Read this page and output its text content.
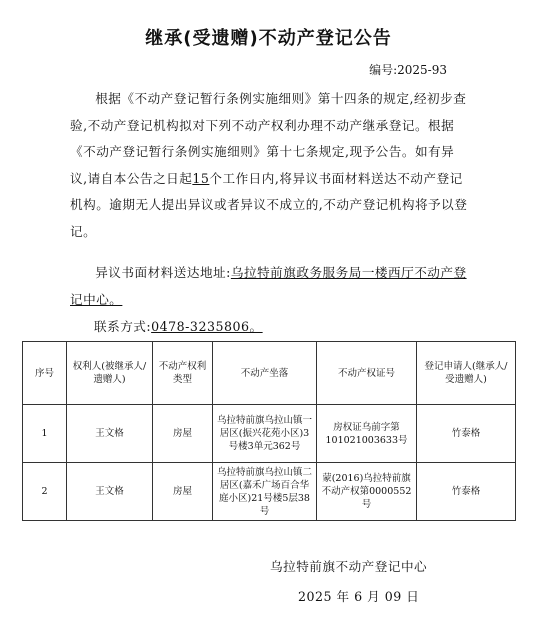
继承(受遗赠)不动产登记公告
编号:2025-93

根据《不动产登记暂行条例实施细则》第十四条的规定,经初步查验,不动产登记机构拟对下列不动产权利办理不动产继承登记。根据《不动产登记暂行条例实施细则》第十七条规定,现予公告。如有异议,请自本公告之日起15个工作日内,将异议书面材料送达不动产登记机构。逾期无人提出异议或者异议不成立的,不动产登记机构将予以登记。

异议书面材料送达地址:乌拉特前旗政务服务局一楼西厅不动产登记中心。

联系方式:0478-3235806。
序号	权利人(被继承人/遗赠人)	不动产权利类型	不动产坐落	不动产权证号	登记申请人(继承人/受遗赠人)
1	王文格	房屋	乌拉特前旗乌拉山镇一居区(振兴花苑小区)3号楼3单元362号	房权证乌前字第101021003633号	竹泰格
2	王文格	房屋	乌拉特前旗乌拉山镇二居区(嘉禾广场百合华庭小区)21号楼5层38号	蒙(2016)乌拉特前旗不动产权第0000552号	竹泰格
乌拉特前旗不动产登记中心
2025 年 6 月 09 日
